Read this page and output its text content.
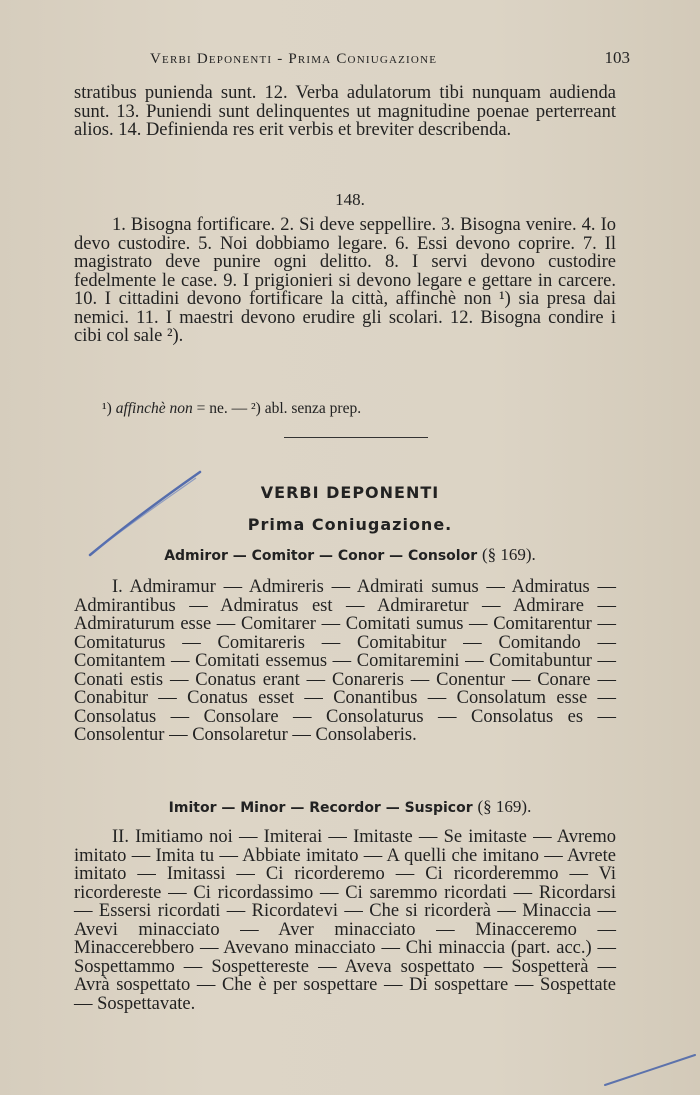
Verbi Deponenti - Prima Coniugazione	103
stratibus punienda sunt. 12. Verba adulatorum tibi nunquam audienda sunt. 13. Puniendi sunt delinquentes ut magnitudine poenae perterreant alios. 14. Definienda res erit verbis et breviter describenda.
148.
1. Bisogna fortificare. 2. Si deve seppellire. 3. Bisogna venire. 4. Io devo custodire. 5. Noi dobbiamo legare. 6. Essi devono coprire. 7. Il magistrato deve punire ogni delitto. 8. I servi devono custodire fedelmente le case. 9. I prigionieri si devono legare e gettare in carcere. 10. I cittadini devono fortificare la città, affinchè non ¹) sia presa dai nemici. 11. I maestri devono erudire gli scolari. 12. Bisogna condire i cibi col sale ²).
¹) affinchè non = ne. — ²) abl. senza prep.
VERBI DEPONENTI
Prima Coniugazione.
Admiror — Comitor — Conor — Consolor (§ 169).
I. Admiramur — Admireris — Admirati sumus — Admiratus — Admirantibus — Admiratus est — Admiraretur — Admirare — Admiraturum esse — Comitarer — Comitati sumus — Comitarentur — Comitaturus — Comitareris — Comitabitur — Comitando — Comitantem — Comitati essemus — Comitaremini — Comitabuntur — Conati estis — Conatus erant — Conareris — Conentur — Conare — Conabitur — Conatus esset — Conantibus — Consolatum esse — Consolatus — Consolare — Consolaturus — Consolatus es — Consolentur — Consolaretur — Consolaberis.
Imitor — Minor — Recordor — Suspicor (§ 169).
II. Imitiamo noi — Imiterai — Imitaste — Se imitaste — Avremo imitato — Imita tu — Abbiate imitato — A quelli che imitano — Avrete imitato — Imitassi — Ci ricorderemo — Ci ricorderemmo — Vi ricordereste — Ci ricordassimo — Ci saremmo ricordati — Ricordarsi — Essersi ricordati — Ricordatevi — Che si ricorderà — Minaccia — Avevi minacciato — Aver minacciato — Minacceremo — Minaccerebbero — Avevano minacciato — Chi minaccia (part. acc.) — Sospettammo — Sospettereste — Aveva sospettato — Sospetterà — Avrà sospettato — Che è per sospettare — Di sospettare — Sospettate — Sospettavate.
